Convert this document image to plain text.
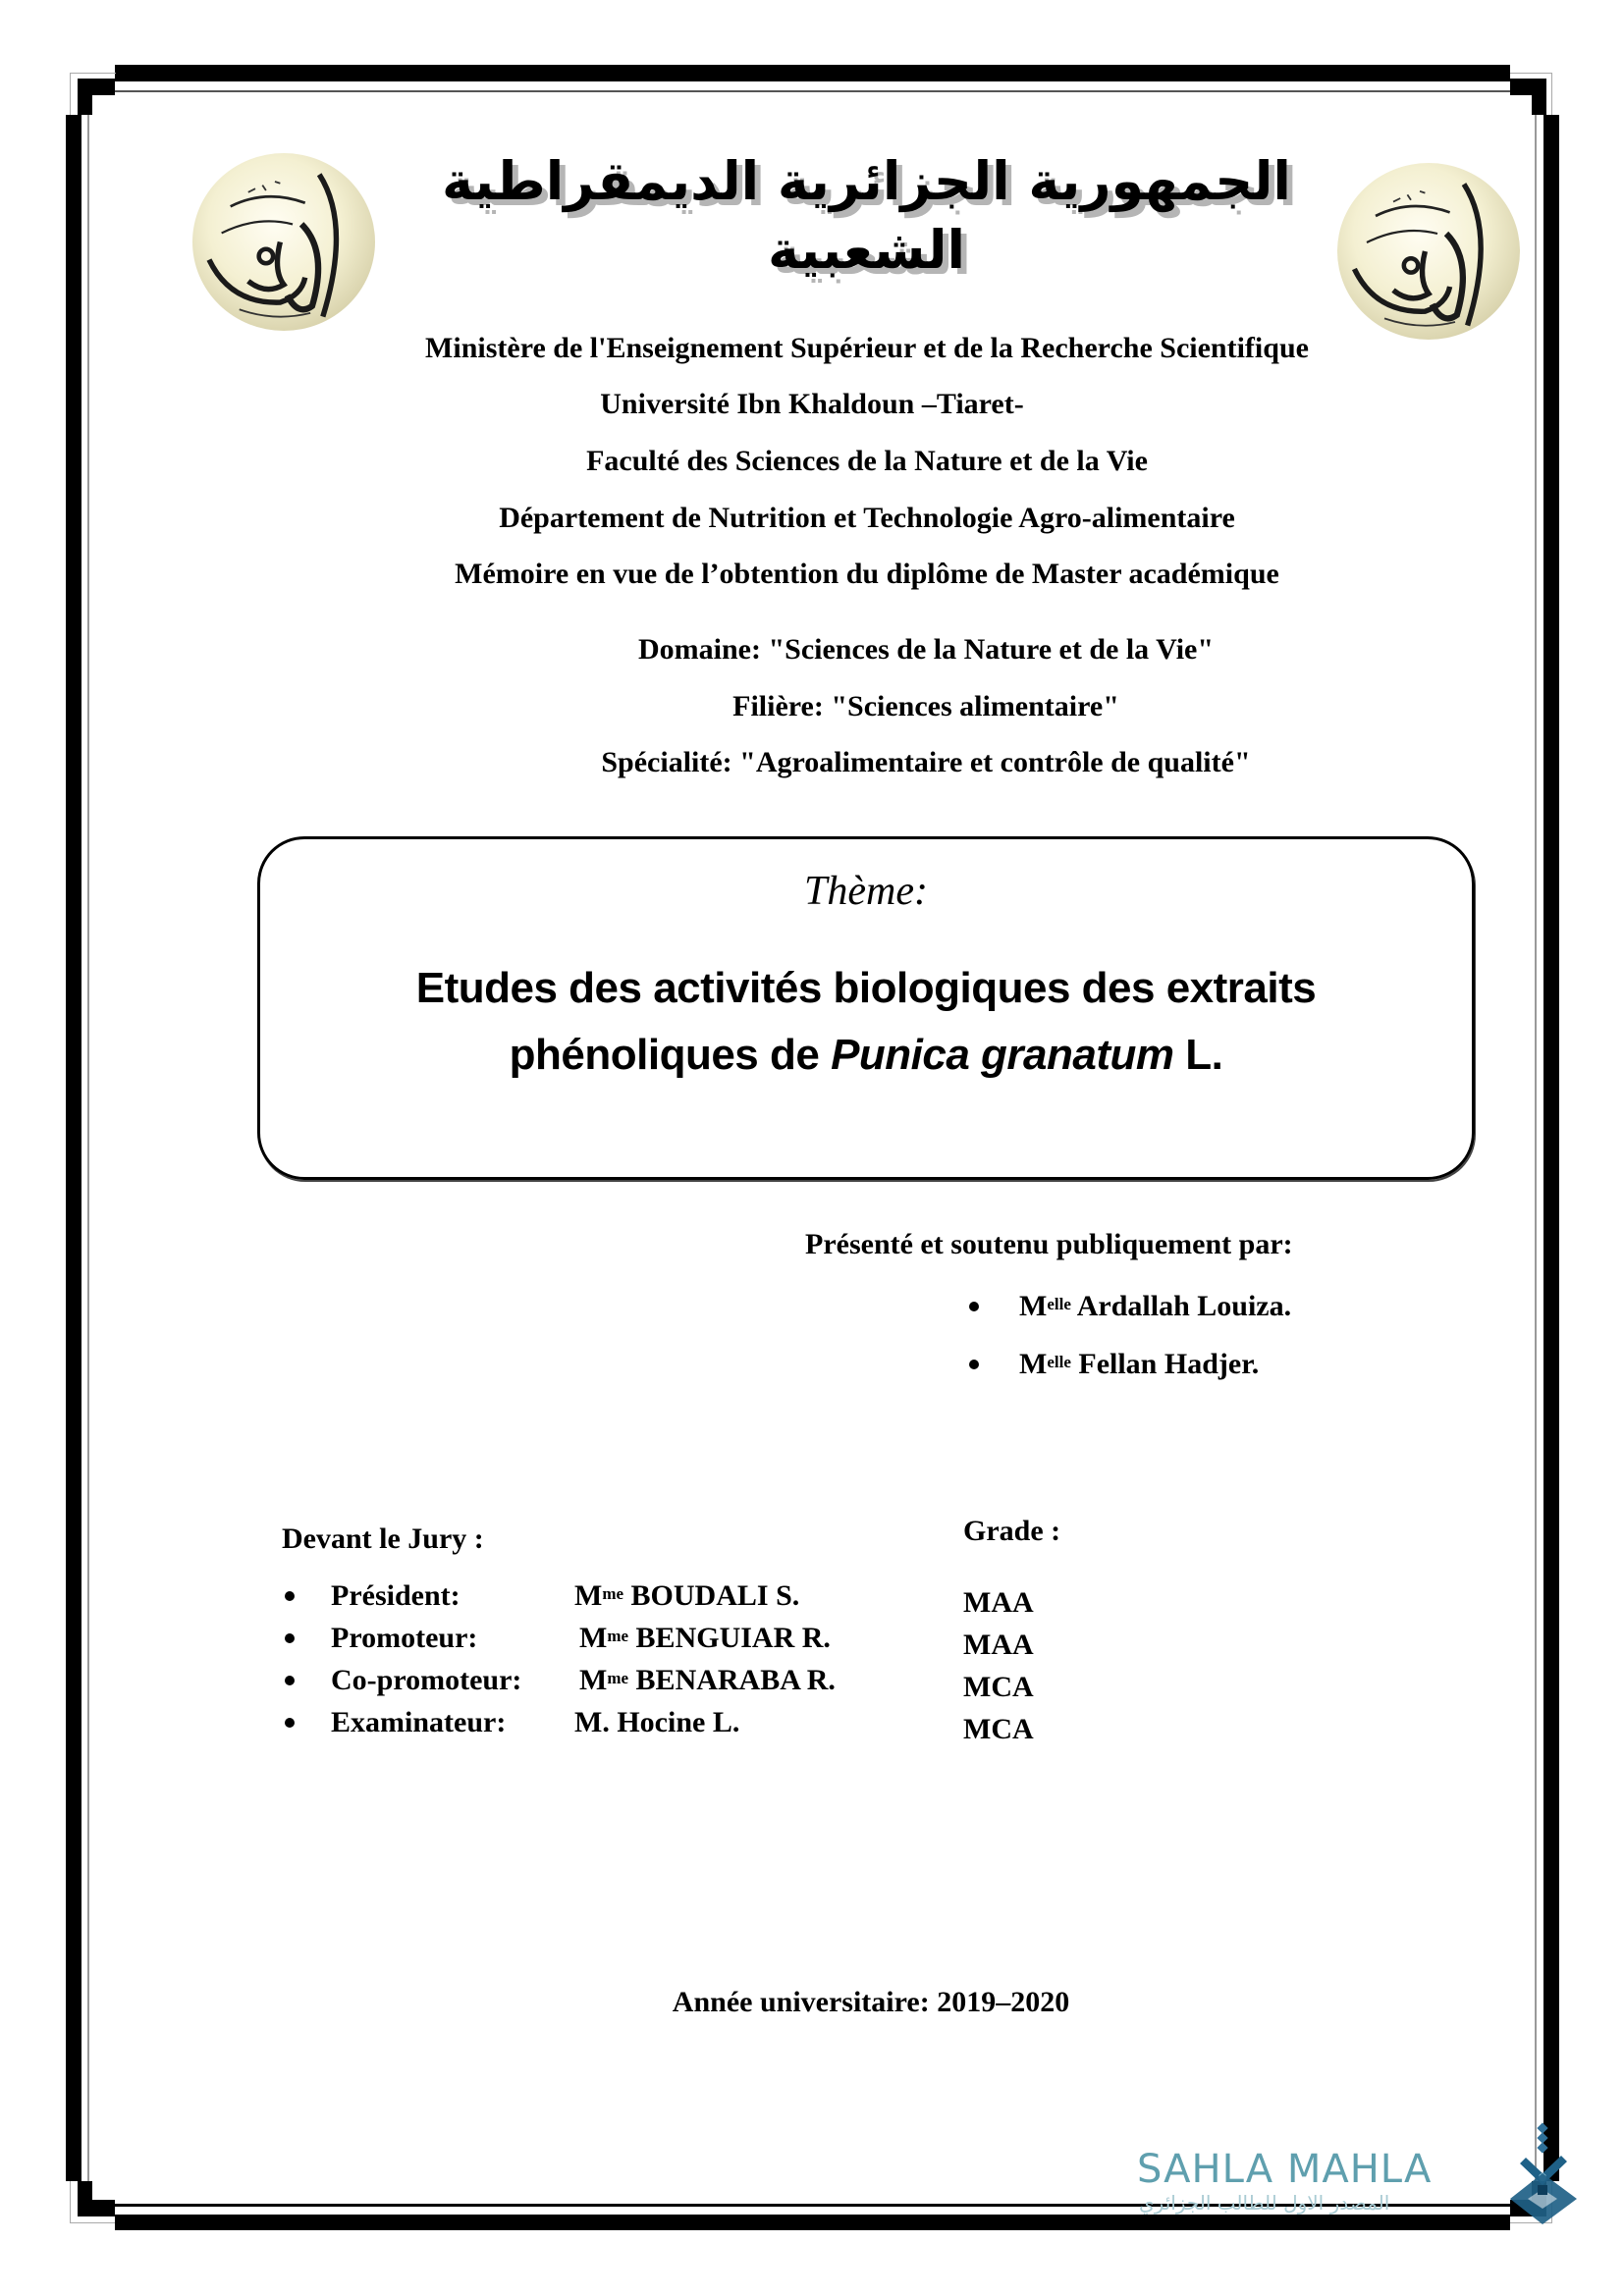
الجمهورية الجزائرية الديمقراطية الشعبية
Ministère de l'Enseignement Supérieur et de la Recherche Scientifique
Université Ibn Khaldoun –Tiaret-
Faculté des Sciences de la Nature et de la Vie
Département de Nutrition et Technologie Agro-alimentaire
Mémoire en vue de l’obtention du diplôme de Master académique
Domaine: "Sciences de la Nature et de la Vie"
Filière: "Sciences alimentaire"
Spécialité: "Agroalimentaire et contrôle de qualité"
Thème:
Etudes des activités biologiques des extraits
phénoliques de Punica granatum L.
Présenté et soutenu publiquement par:
$M^{elle}$ Ardallah Louiza.
$M^{elle}$ Fellan Hadjer.
Devant le Jury :	Grade :
Président:	$M^{me}$ BOUDALI S.	MAA
Promoteur:	$M^{me}$ BENGUIAR R.	MAA
Co-promoteur: $M^{me}$ BENARABA R.	MCA
Examinateur: M. Hocine L.	MCA
Année universitaire: 2019–2020
SAHLA MAHLA
المصدر الاول للطالب الجزائري
